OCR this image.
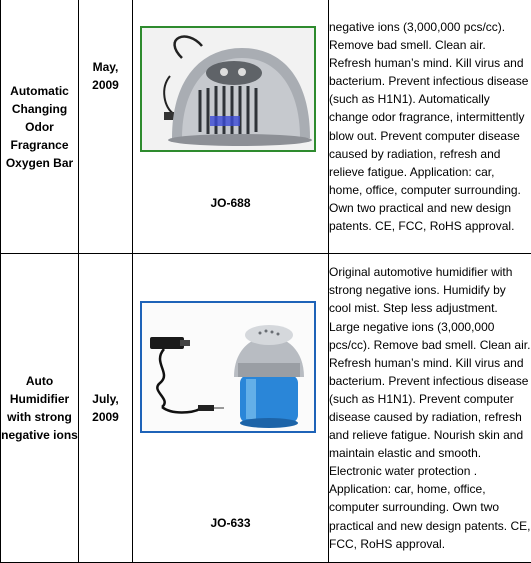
Automatic Changing Odor Fragrance Oxygen Bar	May, 2009	JO-688	negative ions (3,000,000 pcs/cc). Remove bad smell. Clean air. Refresh human’s mind. Kill virus and bacterium. Prevent infectious disease (such as H1N1). Automatically change odor fragrance, intermittently blow out. Prevent computer disease caused by radiation, refresh and relieve fatigue. Application: car, home, office, computer surrounding. Own two practical and new design patents. CE, FCC, RoHS approval.
Auto Humidifier with strong negative ions	July, 2009	JO-633	Original automotive humidifier with strong negative ions. Humidify by cool mist. Step less adjustment. Large negative ions (3,000,000 pcs/cc). Remove bad smell. Clean air. Refresh human’s mind. Kill virus and bacterium. Prevent infectious disease (such as H1N1). Prevent computer disease caused by radiation, refresh and relieve fatigue. Nourish skin and maintain elastic and smooth. Electronic water protection . Application: car, home, office, computer surrounding. Own two practical and new design patents. CE, FCC, RoHS approval.
